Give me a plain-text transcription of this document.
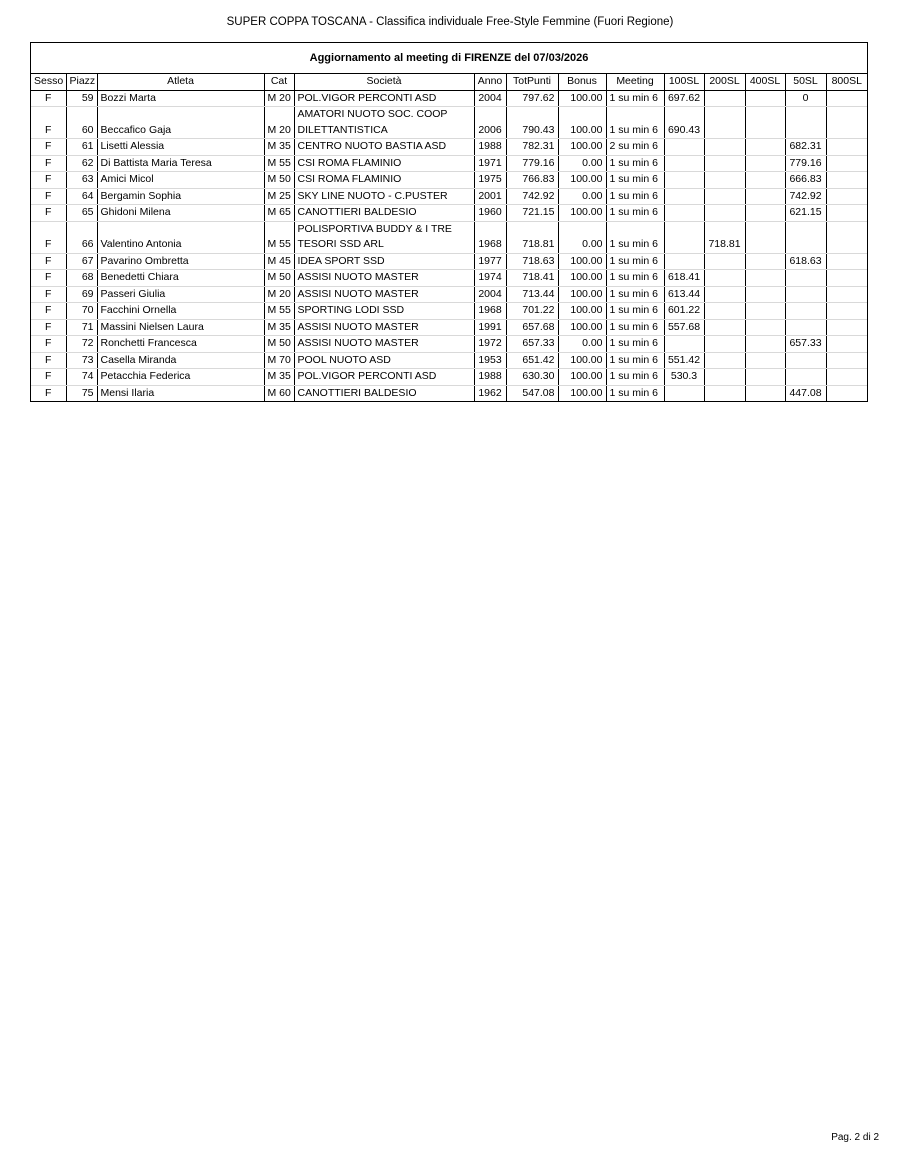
SUPER COPPA TOSCANA - Classifica individuale Free-Style Femmine (Fuori Regione)
Aggiornamento al meeting di FIRENZE del 07/03/2026
Sesso	Piazz	Atleta	Cat	Società	Anno	TotPunti	Bonus	Meeting	100SL	200SL	400SL	50SL	800SL
F	59	Bozzi Marta	M 20	POL.VIGOR PERCONTI ASD	2004	797.62	100.00	1 su min 6	697.62			0	
F	60	Beccafico Gaja	M 20	AMATORI NUOTO SOC. COOP DILETTANTISTICA	2006	790.43	100.00	1 su min 6	690.43				
F	61	Lisetti Alessia	M 35	CENTRO NUOTO BASTIA ASD	1988	782.31	100.00	2 su min 6				682.31	
F	62	Di Battista Maria Teresa	M 55	CSI ROMA FLAMINIO	1971	779.16	0.00	1 su min 6				779.16	
F	63	Amici Micol	M 50	CSI ROMA FLAMINIO	1975	766.83	100.00	1 su min 6				666.83	
F	64	Bergamin Sophia	M 25	SKY LINE NUOTO - C.PUSTER	2001	742.92	0.00	1 su min 6				742.92	
F	65	Ghidoni Milena	M 65	CANOTTIERI BALDESIO	1960	721.15	100.00	1 su min 6				621.15	
F	66	Valentino Antonia	M 55	POLISPORTIVA BUDDY & I TRE TESORI SSD ARL	1968	718.81	0.00	1 su min 6		718.81			
F	67	Pavarino Ombretta	M 45	IDEA SPORT SSD	1977	718.63	100.00	1 su min 6				618.63	
F	68	Benedetti Chiara	M 50	ASSISI NUOTO MASTER	1974	718.41	100.00	1 su min 6	618.41				
F	69	Passeri Giulia	M 20	ASSISI NUOTO MASTER	2004	713.44	100.00	1 su min 6	613.44				
F	70	Facchini Ornella	M 55	SPORTING LODI SSD	1968	701.22	100.00	1 su min 6	601.22				
F	71	Massini Nielsen Laura	M 35	ASSISI NUOTO MASTER	1991	657.68	100.00	1 su min 6	557.68				
F	72	Ronchetti Francesca	M 50	ASSISI NUOTO MASTER	1972	657.33	0.00	1 su min 6				657.33	
F	73	Casella Miranda	M 70	POOL NUOTO ASD	1953	651.42	100.00	1 su min 6	551.42				
F	74	Petacchia Federica	M 35	POL.VIGOR PERCONTI ASD	1988	630.30	100.00	1 su min 6	530.3				
F	75	Mensi Ilaria	M 60	CANOTTIERI BALDESIO	1962	547.08	100.00	1 su min 6				447.08	
Pag. 2 di 2
